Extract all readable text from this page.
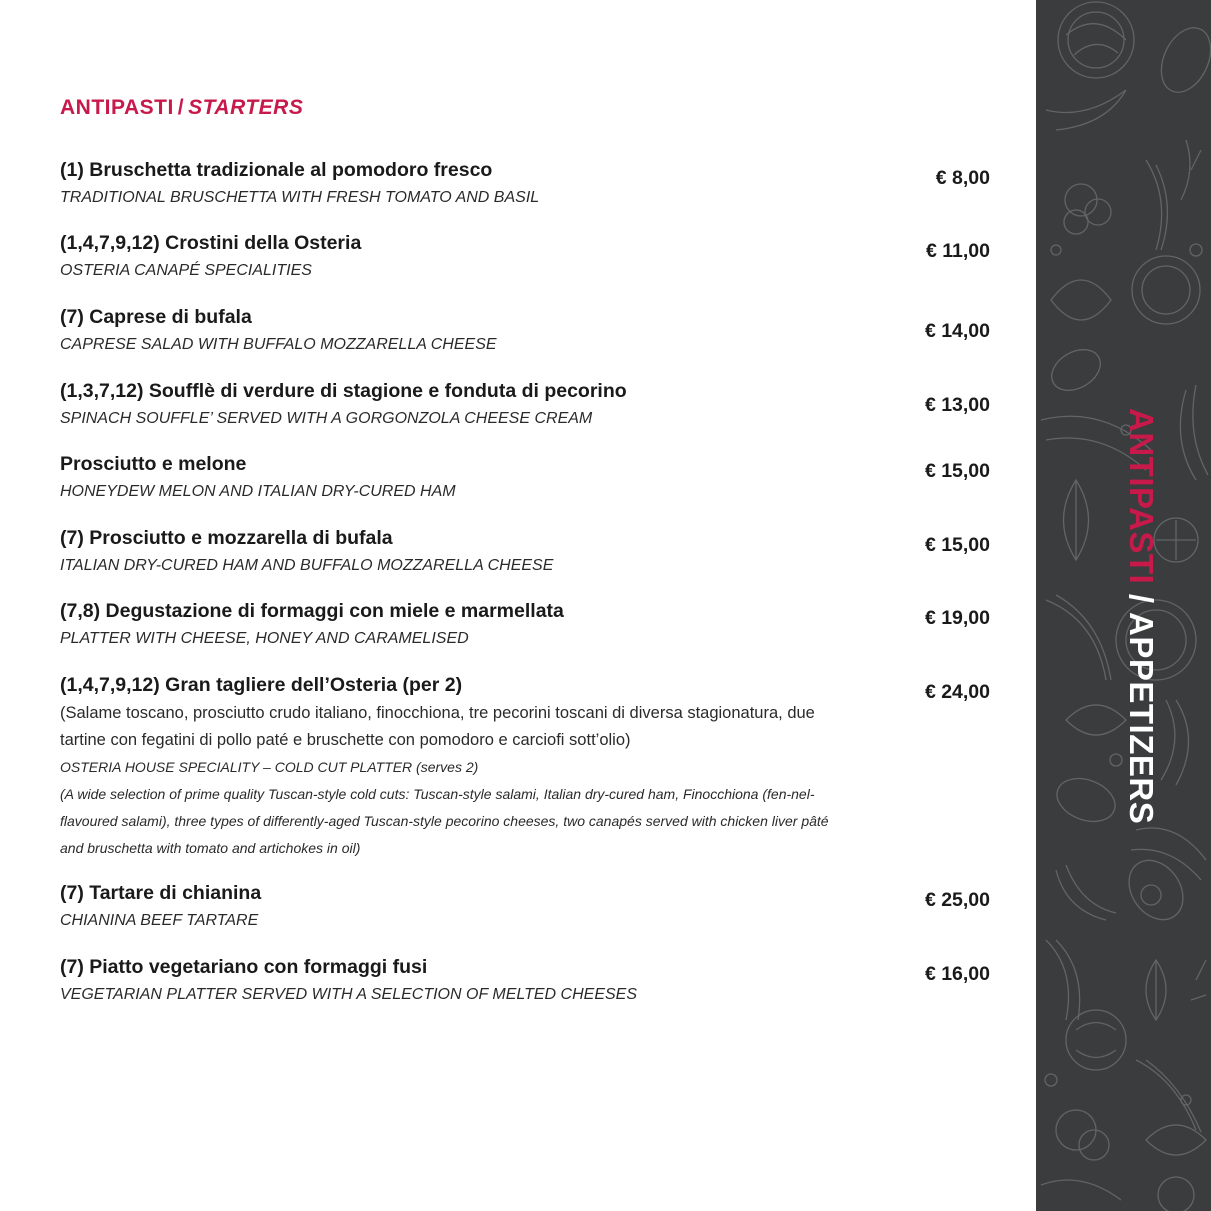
ANTIPASTI / STARTERS
(1) Bruschetta tradizionale al pomodoro fresco
TRADITIONAL BRUSCHETTA WITH FRESH TOMATO AND BASIL
€ 8,00
(1,4,7,9,12) Crostini della Osteria
OSTERIA CANAPÉ SPECIALITIES
€ 11,00
(7) Caprese di bufala
CAPRESE SALAD WITH BUFFALO MOZZARELLA CHEESE
€ 14,00
(1,3,7,12) Soufflè di verdure di stagione e fonduta di pecorino
SPINACH SOUFFLE’ SERVED WITH A GORGONZOLA CHEESE CREAM
€ 13,00
Prosciutto e melone
HONEYDEW MELON AND ITALIAN DRY-CURED HAM
€ 15,00
(7) Prosciutto e mozzarella di bufala
ITALIAN DRY-CURED HAM AND BUFFALO MOZZARELLA CHEESE
€ 15,00
(7,8) Degustazione di formaggi con miele e marmellata
PLATTER WITH CHEESE, HONEY AND CARAMELISED
€ 19,00
(1,4,7,9,12) Gran tagliere dell’Osteria (per 2)
(Salame toscano, prosciutto crudo italiano, finocchiona, tre pecorini toscani di diversa stagionatura, due tartine con fegatini di pollo paté e bruschette con pomodoro e carciofi sott’olio)
OSTERIA HOUSE SPECIALITY – COLD CUT PLATTER (serves 2)
(A wide selection of prime quality Tuscan-style cold cuts: Tuscan-style salami, Italian dry-cured ham, Finocchiona (fen-nel-flavoured salami), three types of differently-aged Tuscan-style pecorino cheeses, two canapés served with chicken liver pâté and bruschetta with tomato and artichokes in oil)
€ 24,00
(7) Tartare di chianina
CHIANINA BEEF TARTARE
€ 25,00
(7) Piatto vegetariano con formaggi fusi
VEGETARIAN PLATTER SERVED WITH A SELECTION OF MELTED CHEESES
€ 16,00
ANTIPASTI / APPETIZERS
